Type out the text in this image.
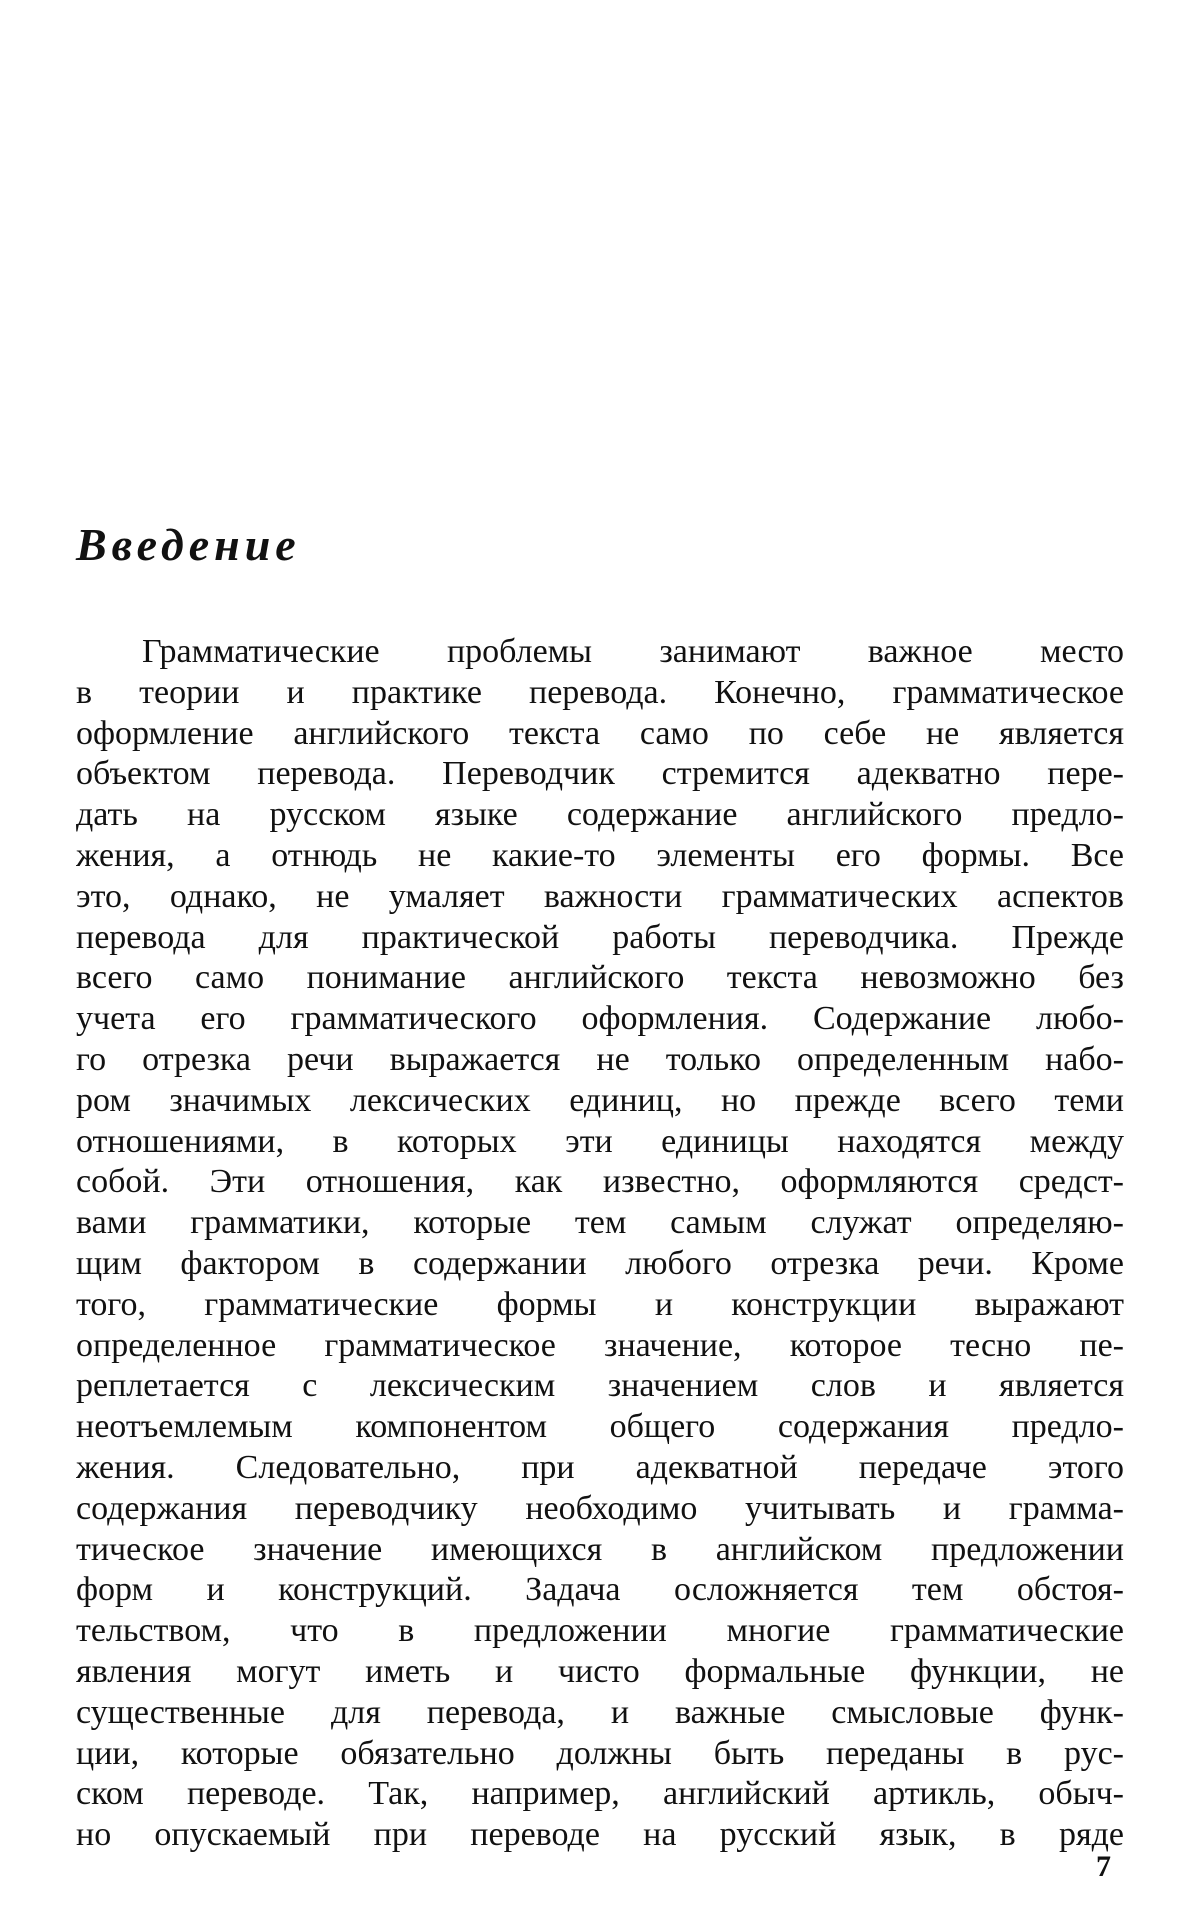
Введение
Грамматические проблемы занимают важное место
в теории и практике перевода. Конечно, грамматическое
оформление английского текста само по себе не является
объектом перевода. Переводчик стремится адекватно пере-
дать на русском языке содержание английского предло-
жения, а отнюдь не какие-то элементы его формы. Все
это, однако, не умаляет важности грамматических аспектов
перевода для практической работы переводчика. Прежде
всего само понимание английского текста невозможно без
учета его грамматического оформления. Содержание любо-
го отрезка речи выражается не только определенным набо-
ром значимых лексических единиц, но прежде всего теми
отношениями, в которых эти единицы находятся между
собой. Эти отношения, как известно, оформляются средст-
вами грамматики, которые тем самым служат определяю-
щим фактором в содержании любого отрезка речи. Кроме
того, грамматические формы и конструкции выражают
определенное грамматическое значение, которое тесно пе-
реплетается с лексическим значением слов и является
неотъемлемым компонентом общего содержания предло-
жения. Следовательно, при адекватной передаче этого
содержания переводчику необходимо учитывать и грамма-
тическое значение имеющихся в английском предложении
форм и конструкций. Задача осложняется тем обстоя-
тельством, что в предложении многие грамматические
явления могут иметь и чисто формальные функции, не
существенные для перевода, и важные смысловые функ-
ции, которые обязательно должны быть переданы в рус-
ском переводе. Так, например, английский артикль, обыч-
но опускаемый при переводе на русский язык, в ряде
7
